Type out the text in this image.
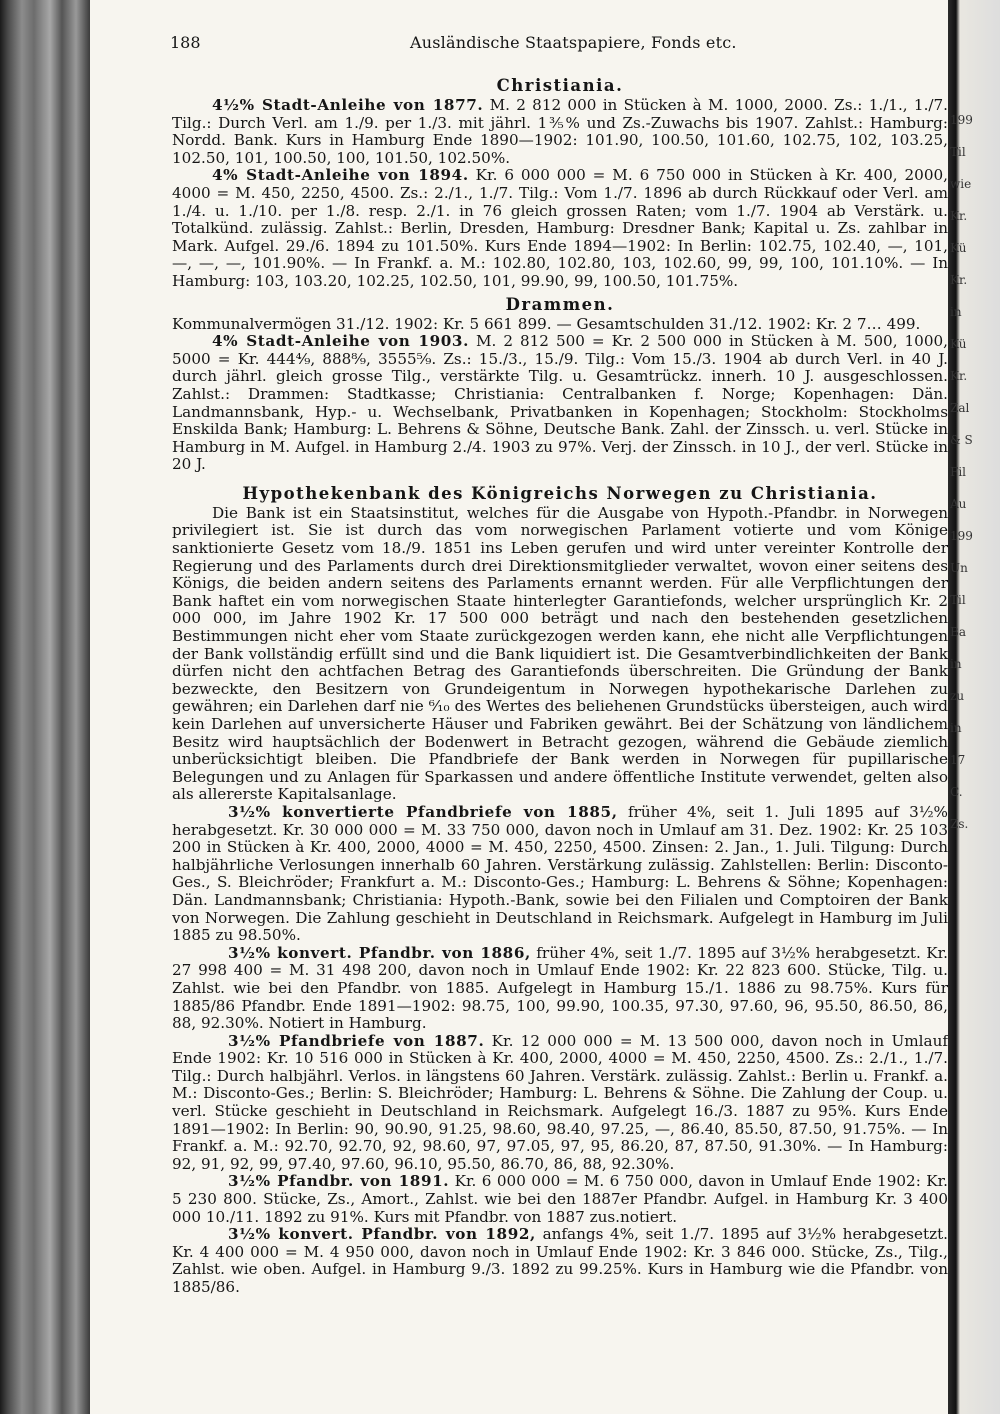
188	Ausländische Staatspapiere, Fonds etc.
Christiania.

4½% Stadt-Anleihe von 1877. M. 2 812 000 in Stücken à M. 1000, 2000. Zs.: 1./1., 1./7. Tilg.: Durch Verl. am 1./9. per 1./3. mit jährl. 1⅗% und Zs.-Zuwachs bis 1907. Zahlst.: Hamburg: Nordd. Bank. Kurs in Hamburg Ende 1890—1902: 101.90, 100.50, 101.60, 102.75, 102, 103.25, 102.50, 101, 100.50, 100, 101.50, 102.50%.

4% Stadt-Anleihe von 1894. Kr. 6 000 000 = M. 6 750 000 in Stücken à Kr. 400, 2000, 4000 = M. 450, 2250, 4500. Zs.: 2./1., 1./7. Tilg.: Vom 1./7. 1896 ab durch Rückkauf oder Verl. am 1./4. u. 1./10. per 1./8. resp. 2./1. in 76 gleich grossen Raten; vom 1./7. 1904 ab Verstärk. u. Totalkünd. zulässig. Zahlst.: Berlin, Dresden, Hamburg: Dresdner Bank; Kapital u. Zs. zahlbar in Mark. Aufgel. 29./6. 1894 zu 101.50%. Kurs Ende 1894—1902: In Berlin: 102.75, 102.40, —, 101, —, —, —, 101.90%. — In Frankf. a. M.: 102.80, 102.80, 103, 102.60, 99, 99, 100, 101.10%. — In Hamburg: 103, 103.20, 102.25, 102.50, 101, 99.90, 99, 100.50, 101.75%.

Drammen.

Kommunalvermögen 31./12. 1902: Kr. 5 661 899. — Gesamtschulden 31./12. 1902: Kr. 2 7… 499.

4% Stadt-Anleihe von 1903. M. 2 812 500 = Kr. 2 500 000 in Stücken à M. 500, 1000, 5000 = Kr. 444⁴⁄₉, 888⁸⁄₉, 3555⁵⁄₉. Zs.: 15./3., 15./9. Tilg.: Vom 15./3. 1904 ab durch Verl. in 40 J. durch jährl. gleich grosse Tilg., verstärkte Tilg. u. Gesamtrückz. innerh. 10 J. ausgeschlossen. Zahlst.: Drammen: Stadtkasse; Christiania: Centralbanken f. Norge; Kopenhagen: Dän. Landmannsbank, Hyp.- u. Wechselbank, Privatbanken in Kopenhagen; Stockholm: Stockholms Enskilda Bank; Hamburg: L. Behrens & Söhne, Deutsche Bank. Zahl. der Zinssch. u. verl. Stücke in Hamburg in M. Aufgel. in Hamburg 2./4. 1903 zu 97%. Verj. der Zinssch. in 10 J., der verl. Stücke in 20 J.

Hypothekenbank des Königreichs Norwegen zu Christiania.

Die Bank ist ein Staatsinstitut, welches für die Ausgabe von Hypoth.-Pfandbr. in Norwegen privilegiert ist. Sie ist durch das vom norwegischen Parlament votierte und vom Könige sanktionierte Gesetz vom 18./9. 1851 ins Leben gerufen und wird unter vereinter Kontrolle der Regierung und des Parlaments durch drei Direktionsmitglieder verwaltet, wovon einer seitens des Königs, die beiden andern seitens des Parlaments ernannt werden. Für alle Verpflichtungen der Bank haftet ein vom norwegischen Staate hinterlegter Garantiefonds, welcher ursprünglich Kr. 2 000 000, im Jahre 1902 Kr. 17 500 000 beträgt und nach den bestehenden gesetzlichen Bestimmungen nicht eher vom Staate zurückgezogen werden kann, ehe nicht alle Verpflichtungen der Bank vollständig erfüllt sind und die Bank liquidiert ist. Die Gesamtverbindlichkeiten der Bank dürfen nicht den achtfachen Betrag des Garantiefonds überschreiten. Die Gründung der Bank bezweckte, den Besitzern von Grundeigentum in Norwegen hypothekarische Darlehen zu gewähren; ein Darlehen darf nie ⁶⁄₁₀ des Wertes des beliehenen Grundstücks übersteigen, auch wird kein Darlehen auf unversicherte Häuser und Fabriken gewährt. Bei der Schätzung von ländlichem Besitz wird hauptsächlich der Bodenwert in Betracht gezogen, während die Gebäude ziemlich unberücksichtigt bleiben. Die Pfandbriefe der Bank werden in Norwegen für pupillarische Belegungen und zu Anlagen für Sparkassen und andere öffentliche Institute verwendet, gelten also als allererste Kapitalsanlage.

3½% konvertierte Pfandbriefe von 1885, früher 4%, seit 1. Juli 1895 auf 3½% herabgesetzt. Kr. 30 000 000 = M. 33 750 000, davon noch in Umlauf am 31. Dez. 1902: Kr. 25 103 200 in Stücken à Kr. 400, 2000, 4000 = M. 450, 2250, 4500. Zinsen: 2. Jan., 1. Juli. Tilgung: Durch halbjährliche Verlosungen innerhalb 60 Jahren. Verstärkung zulässig. Zahlstellen: Berlin: Disconto-Ges., S. Bleichröder; Frankfurt a. M.: Disconto-Ges.; Hamburg: L. Behrens & Söhne; Kopenhagen: Dän. Landmannsbank; Christiania: Hypoth.-Bank, sowie bei den Filialen und Comptoiren der Bank von Norwegen. Die Zahlung geschieht in Deutschland in Reichsmark. Aufgelegt in Hamburg im Juli 1885 zu 98.50%.

3½% konvert. Pfandbr. von 1886, früher 4%, seit 1./7. 1895 auf 3½% herabgesetzt. Kr. 27 998 400 = M. 31 498 200, davon noch in Umlauf Ende 1902: Kr. 22 823 600. Stücke, Tilg. u. Zahlst. wie bei den Pfandbr. von 1885. Aufgelegt in Hamburg 15./1. 1886 zu 98.75%. Kurs für 1885/86 Pfandbr. Ende 1891—1902: 98.75, 100, 99.90, 100.35, 97.30, 97.60, 96, 95.50, 86.50, 86, 88, 92.30%. Notiert in Hamburg.

3½% Pfandbriefe von 1887. Kr. 12 000 000 = M. 13 500 000, davon noch in Umlauf Ende 1902: Kr. 10 516 000 in Stücken à Kr. 400, 2000, 4000 = M. 450, 2250, 4500. Zs.: 2./1., 1./7. Tilg.: Durch halbjährl. Verlos. in längstens 60 Jahren. Verstärk. zulässig. Zahlst.: Berlin u. Frankf. a. M.: Disconto-Ges.; Berlin: S. Bleichröder; Hamburg: L. Behrens & Söhne. Die Zahlung der Coup. u. verl. Stücke geschieht in Deutschland in Reichsmark. Aufgelegt 16./3. 1887 zu 95%. Kurs Ende 1891—1902: In Berlin: 90, 90.90, 91.25, 98.60, 98.40, 97.25, —, 86.40, 85.50, 87.50, 91.75%. — In Frankf. a. M.: 92.70, 92.70, 92, 98.60, 97, 97.05, 97, 95, 86.20, 87, 87.50, 91.30%. — In Hamburg: 92, 91, 92, 99, 97.40, 97.60, 96.10, 95.50, 86.70, 86, 88, 92.30%.

3½% Pfandbr. von 1891. Kr. 6 000 000 = M. 6 750 000, davon in Umlauf Ende 1902: Kr. 5 230 800. Stücke, Zs., Amort., Zahlst. wie bei den 1887er Pfandbr. Aufgel. in Hamburg Kr. 3 400 000 10./11. 1892 zu 91%. Kurs mit Pfandbr. von 1887 zus.notiert.

3½% konvert. Pfandbr. von 1892, anfangs 4%, seit 1./7. 1895 auf 3½% herabgesetzt. Kr. 4 400 000 = M. 4 950 000, davon noch in Umlauf Ende 1902: Kr. 3 846 000. Stücke, Zs., Tilg., Zahlst. wie oben. Aufgel. in Hamburg 9./3. 1892 zu 99.25%. Kurs in Hamburg wie die Pfandbr. von 1885/86.

199
Til
wie
Kr.
Kü
Kr.
in
Kü
Kr.
Zal
& S
Fil
Au
199
Un
Til
Ba
in
zu
in
17
C.
Zs.
